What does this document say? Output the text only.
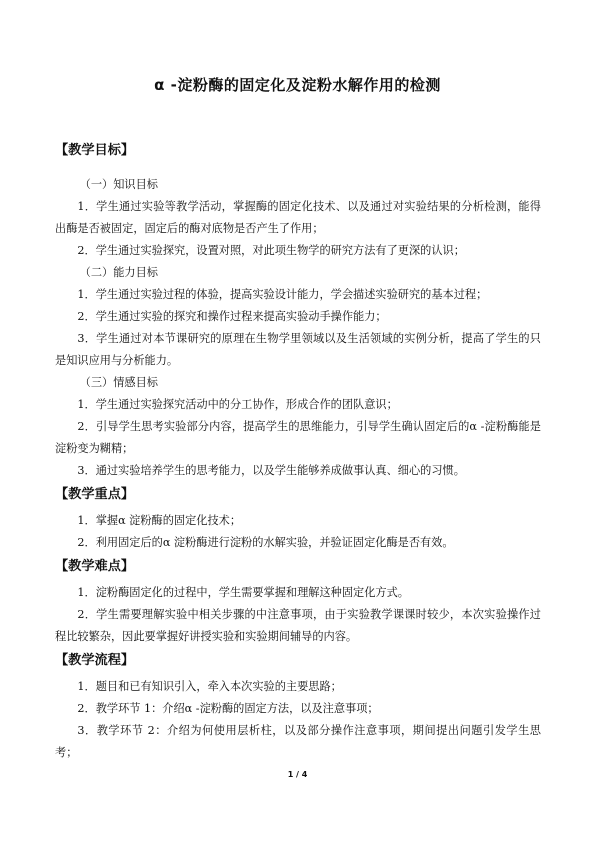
α -淀粉酶的固定化及淀粉水解作用的检测
【教学目标】

（一）知识目标

1．学生通过实验等教学活动，掌握酶的固定化技术、以及通过对实验结果的分析检测，能得出酶是否被固定，固定后的酶对底物是否产生了作用；

2．学生通过实验探究，设置对照，对此项生物学的研究方法有了更深的认识；

（二）能力目标

1．学生通过实验过程的体验，提高实验设计能力，学会描述实验研究的基本过程；

2．学生通过实验的探究和操作过程来提高实验动手操作能力；

3．学生通过对本节课研究的原理在生物学里领域以及生活领域的实例分析，提高了学生的只是知识应用与分析能力。

（三）情感目标

1．学生通过实验探究活动中的分工协作，形成合作的团队意识；

2．引导学生思考实验部分内容，提高学生的思维能力，引导学生确认固定后的α -淀粉酶能是淀粉变为糊精；

3．通过实验培养学生的思考能力，以及学生能够养成做事认真、细心的习惯。

【教学重点】

1．掌握α 淀粉酶的固定化技术；

2．利用固定后的α 淀粉酶进行淀粉的水解实验，并验证固定化酶是否有效。

【教学难点】

1．淀粉酶固定化的过程中，学生需要掌握和理解这种固定化方式。

2．学生需要理解实验中相关步骤的中注意事项，由于实验教学课课时较少，本次实验操作过程比较繁杂，因此要掌握好讲授实验和实验期间辅导的内容。

【教学流程】

1．题目和已有知识引入，牵入本次实验的主要思路；

2．教学环节 1：介绍α -淀粉酶的固定方法，以及注意事项；

3．教学环节 2：介绍为何使用层析柱，以及部分操作注意事项，期间提出问题引发学生思考；

1 / 4
